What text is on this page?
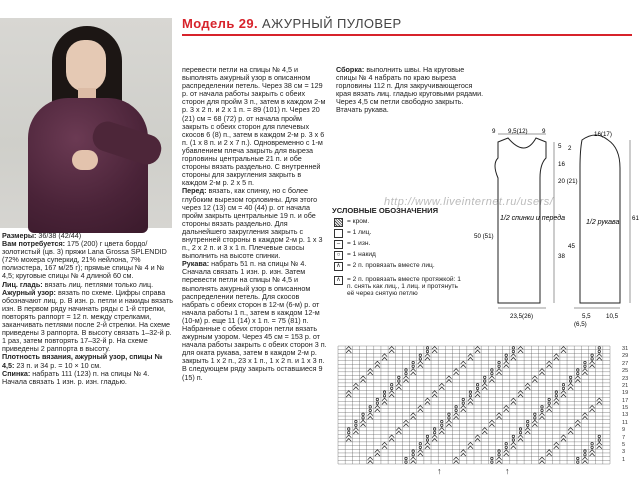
Модель 29. АЖУРНЫЙ ПУЛОВЕР

Размеры: 36/38 (42/44)

Вам потребуется: 175 (200) г цвета бордо/золотистый (цв. 3) пряжи Lana Grossa SPLENDID (72% мохера суперкид, 21% нейлона, 7% полиэстера, 167 м/25 г); прямые спицы № 4 и № 4,5; круговые спицы № 4 длиной 60 см.

Лиц. гладь: вязать лиц. петлями только лиц.

Ажурный узор: вязать по схеме. Цифры справа обозначают лиц. р. В изн. р. петли и накиды вязать изн. В первом ряду начинать ряды с 1-й стрелки, повторять раппорт = 12 п. между стрелками, заканчивать петлями после 2-й стрелки. На схеме приведены 3 раппорта. В высоту связать 1–32-й р. 1 раз, затем повторять 17–32-й р. На схеме приведены 2 раппорта в высоту.

Плотность вязания, ажурный узор, спицы № 4,5: 23 п. и 34 р. = 10 × 10 см.

Спинка: набрать 111 (123) п. на спицы № 4. Начала связать 1 изн. р. изн. гладью.

перевести петли на спицы № 4,5 и выполнять ажурный узор в описанном распределении петель. Через 38 см = 129 р. от начала работы закрыть с обеих сторон для пройм 3 п., затем в каждом 2-м р. 3 х 2 п. и 2 х 1 п. = 89 (101) п. Через 20 (21) см = 68 (72) р. от начала пройм закрыть с обеих сторон для плечевых скосов 6 (8) п., затем в каждом 2-м р. 3 х 6 п. (1 х 8 п. и 2 х 7 п.). Одновременно с 1-м убавлением плеча закрыть для выреза горловины центральные 21 п. и обе стороны вязать раздельно. С внутренней стороны для закругления закрыть в каждом 2-м р. 2 х 5 п.

Перед: вязать, как спинку, но с более глубоким вырезом горловины. Для этого через 12 (13) см = 40 (44) р. от начала пройм закрыть центральные 19 п. и обе стороны вязать раздельно. Для дальнейшего закругления закрыть с внутренней стороны в каждом 2-м р. 1 х 3 п., 2 х 2 п. и 3 х 1 п. Плечевые скосы выполнить на высоте спинки.

Рукава: набрать 51 п. на спицы № 4. Сначала связать 1 изн. р. изн. Затем перевести петли на спицы № 4,5 и выполнять ажурный узор в описанном распределении петель. Для скосов набрать с обеих сторон в 12-м (6-м) р. от начала работы 1 п., затем в каждом 12-м (10-м) р. еще 11 (14) х 1 п. = 75 (81) п. Набранные с обеих сторон петли вязать ажурным узором. Через 45 см = 153 р. от начала работы закрыть с обеих сторон 3 п. для оката рукава, затем в каждом 2-м р. закрыть 1 х 2 п., 23 х 1 п., 1 х 2 п. и 1 х 3 п. В следующем ряду закрыть оставшиеся 9 (15) п.

Сборка: выполнить швы. На круговые спицы № 4 набрать по краю выреза горловины 112 п. Для закручивающегося края вязать лиц. гладью круговыми рядами. Через 4,5 см петли свободно закрыть. Втачать рукава.

http://www.liveinternet.ru/users/
УСЛОВНЫЕ ОБОЗНАЧЕНИЯ
= кром.
= 1 лиц.
–	= 1 изн.
○	= 1 накид
∧ = 2 п. провязать вместе лиц.
∧ = 2 п. провязать вместе протяжкой: 1 п. снять как лиц., 1 лиц. и протянуть её через снятую петлю
9 9,5(12) 9
5
16
20 (21)
38
50 (51)
1/2 спинки и переда
23,5(26)
16(17)
2
45
61
1/2 рукава
(6,5)
5,5 10,5
31
29
27
25
23
21
19
17
15
13
11
9
7
5
3
1
↑	↑
